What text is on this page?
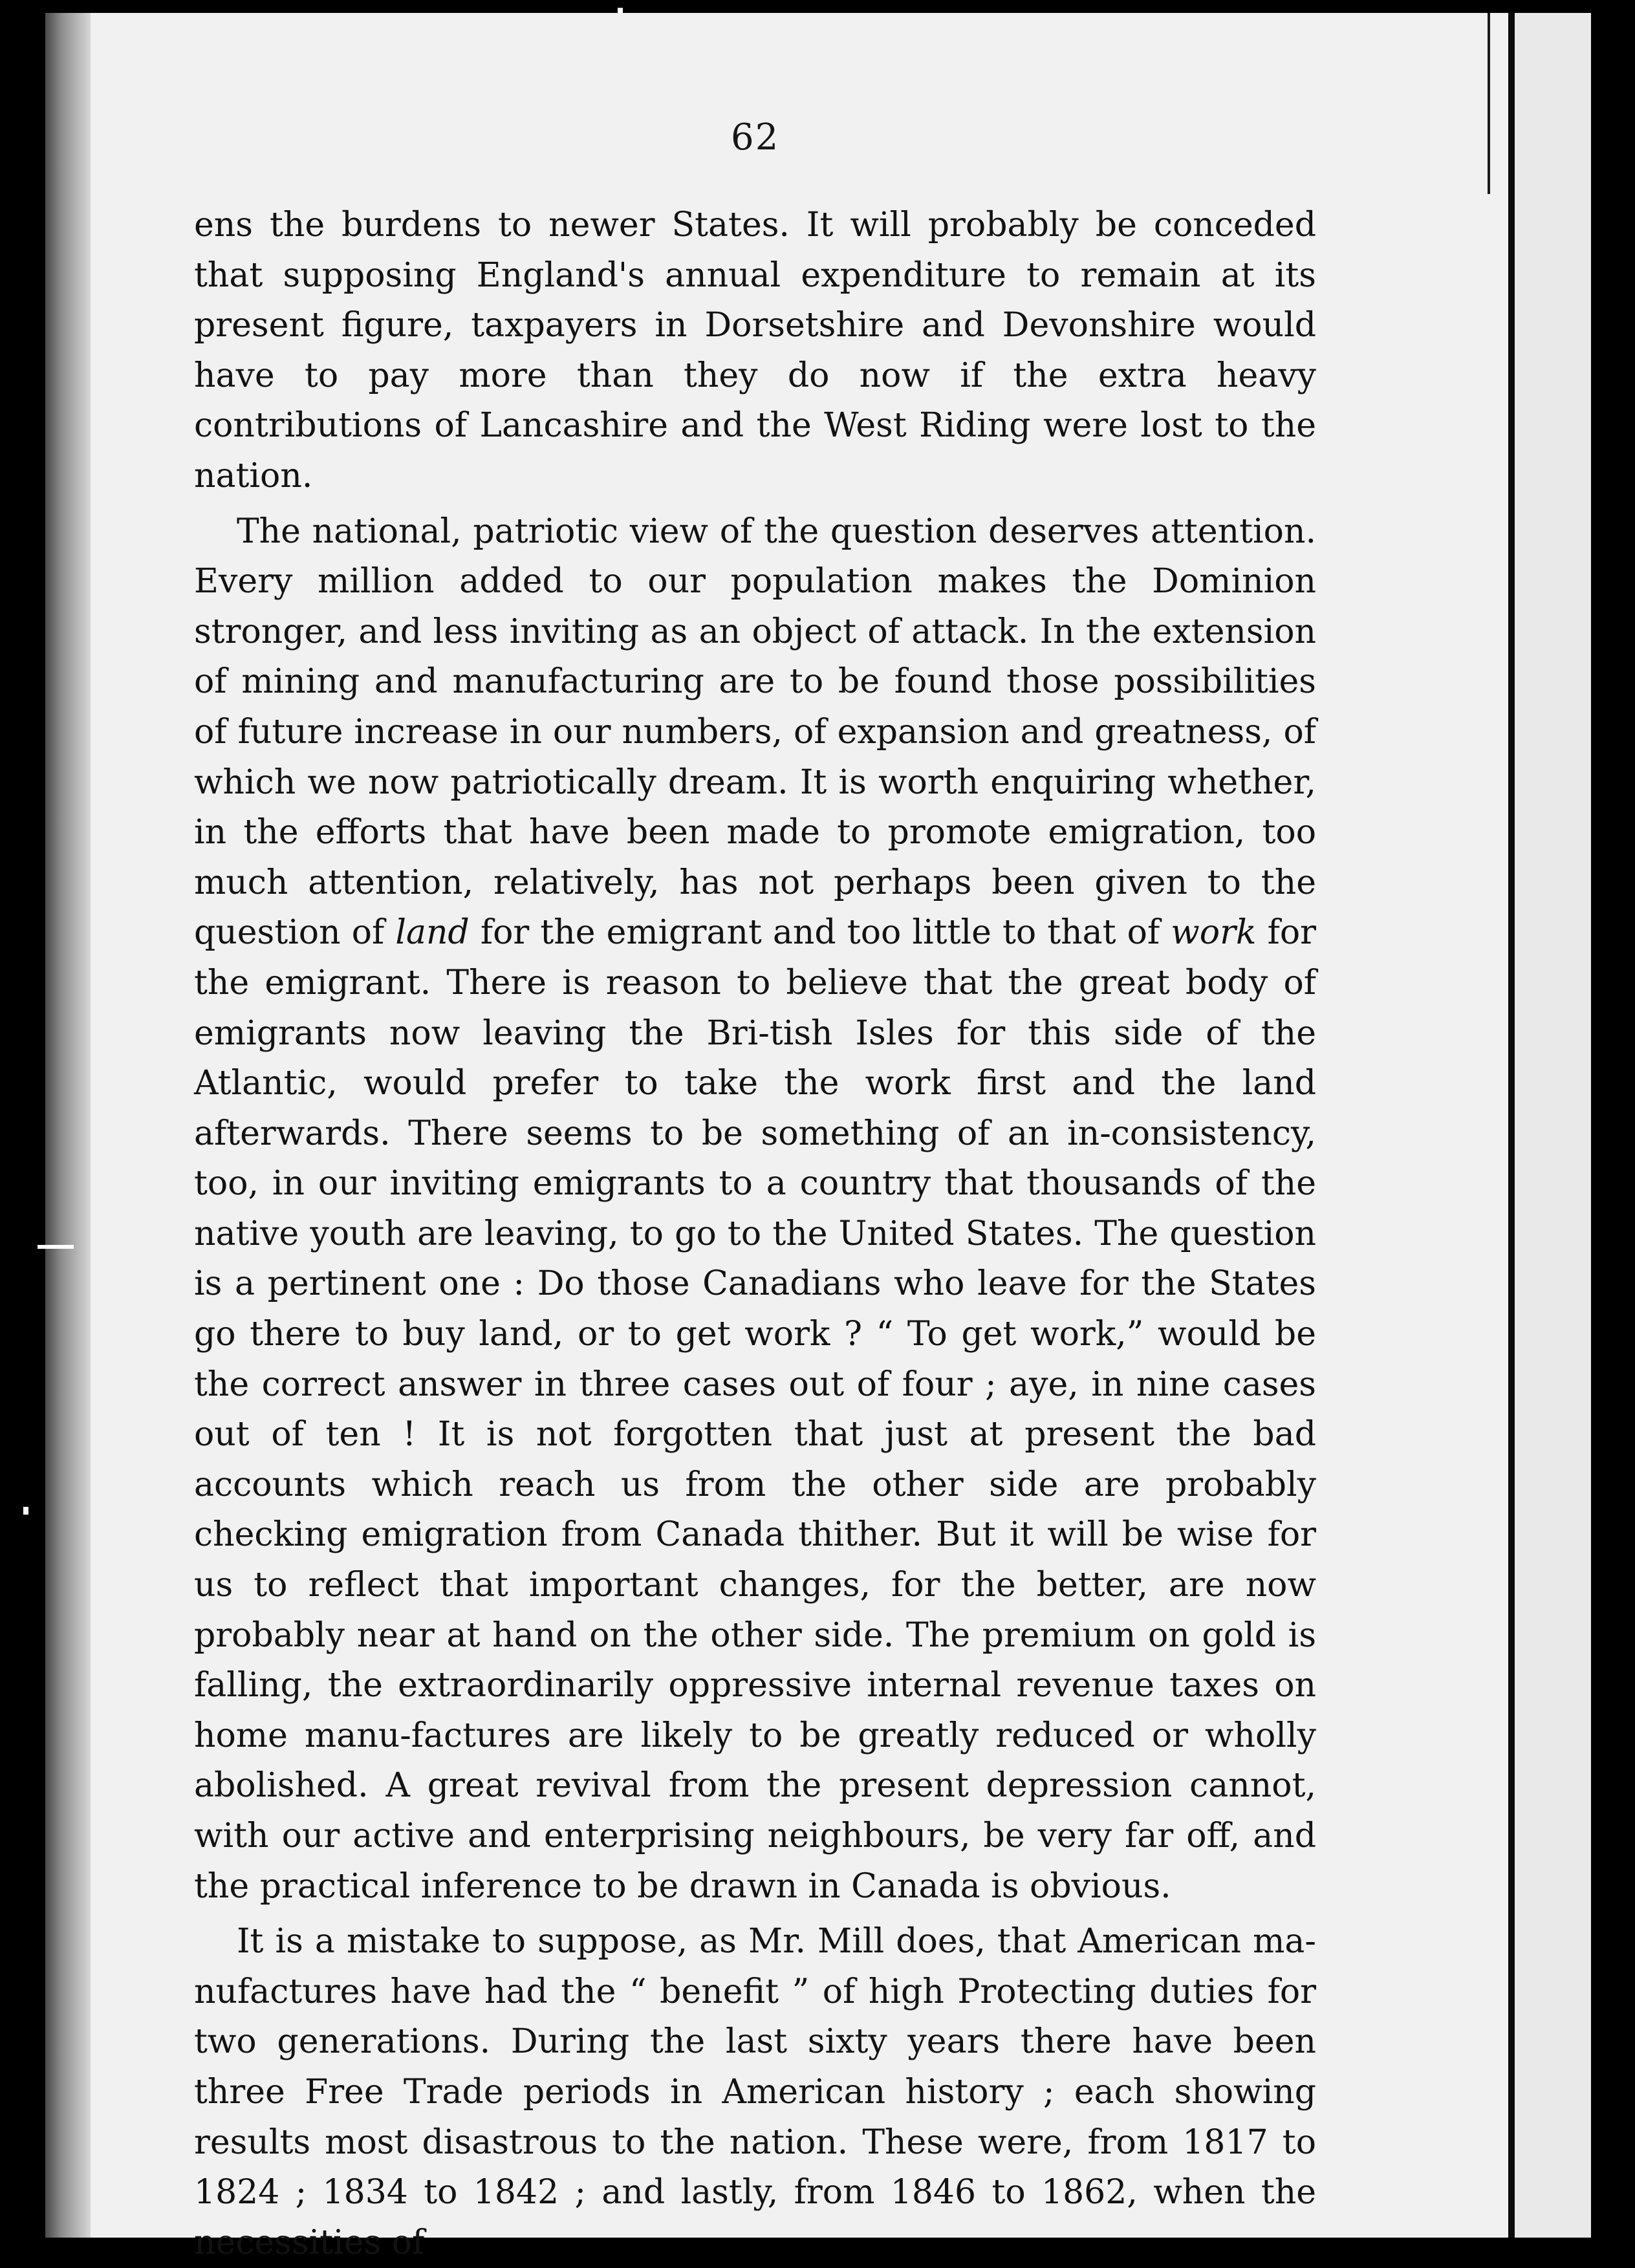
62

ens the burdens to newer States. It will probably be conceded that supposing England's annual expenditure to remain at its present figure, taxpayers in Dorsetshire and Devonshire would have to pay more than they do now if the extra heavy contributions of Lancashire and the West Riding were lost to the nation.

The national, patriotic view of the question deserves attention. Every million added to our population makes the Dominion stronger, and less inviting as an object of attack. In the extension of mining and manufacturing are to be found those possibilities of future increase in our numbers, of expansion and greatness, of which we now patriotically dream. It is worth enquiring whether, in the efforts that have been made to promote emigration, too much attention, relatively, has not perhaps been given to the question of land for the emigrant and too little to that of work for the emigrant. There is reason to believe that the great body of emigrants now leaving the Bri-tish Isles for this side of the Atlantic, would prefer to take the work first and the land afterwards. There seems to be something of an in-consistency, too, in our inviting emigrants to a country that thousands of the native youth are leaving, to go to the United States. The question is a pertinent one : Do those Canadians who leave for the States go there to buy land, or to get work ? “ To get work,” would be the correct answer in three cases out of four ; aye, in nine cases out of ten ! It is not forgotten that just at present the bad accounts which reach us from the other side are probably checking emigration from Canada thither. But it will be wise for us to reflect that important changes, for the better, are now probably near at hand on the other side. The premium on gold is falling, the extraordinarily oppressive internal revenue taxes on home manu-factures are likely to be greatly reduced or wholly abolished. A great revival from the present depression cannot, with our active and enterprising neighbours, be very far off, and the practical inference to be drawn in Canada is obvious.

It is a mistake to suppose, as Mr. Mill does, that American ma-nufactures have had the “ benefit ” of high Protecting duties for two generations. During the last sixty years there have been three Free Trade periods in American history ; each showing results most disastrous to the nation. These were, from 1817 to 1824 ; 1834 to 1842 ; and lastly, from 1846 to 1862, when the necessities of
